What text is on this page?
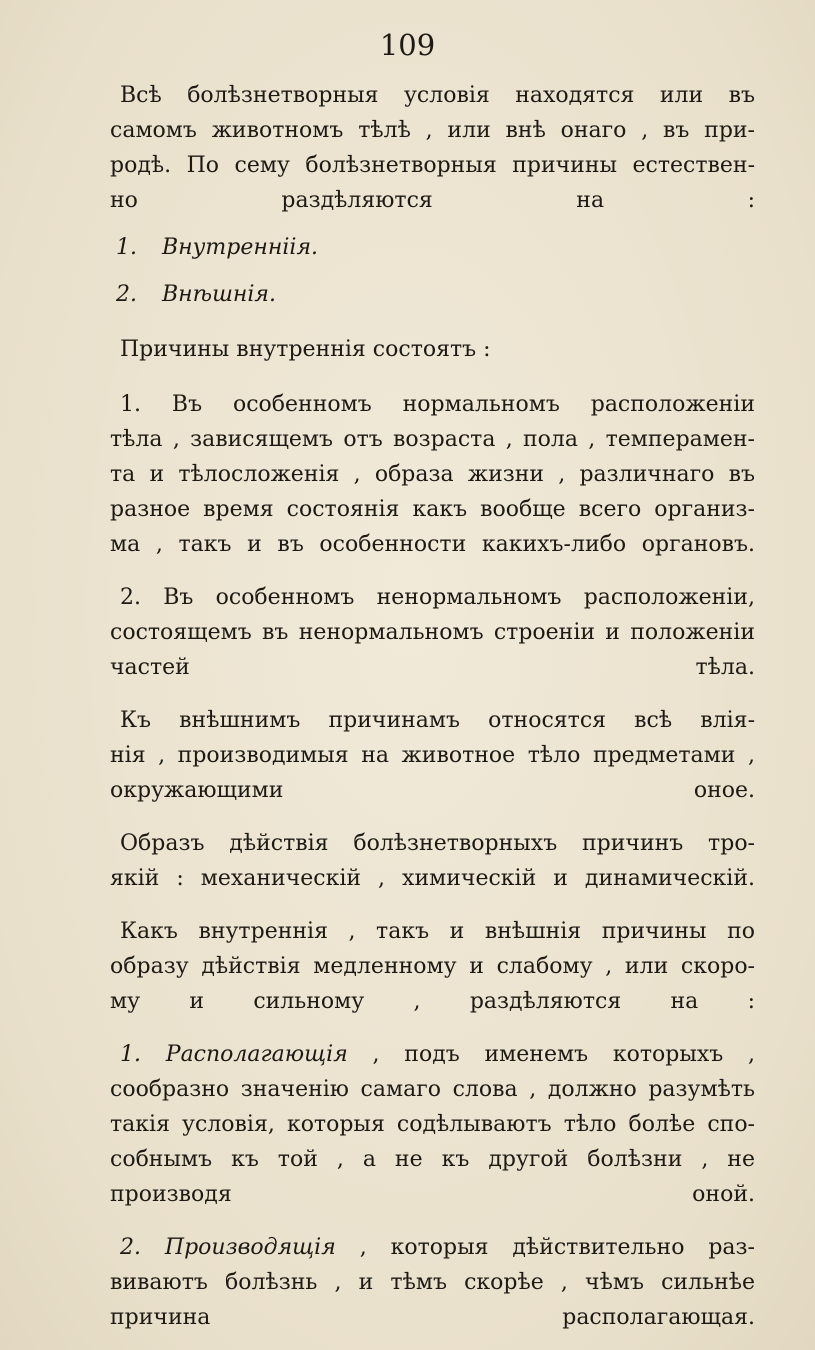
109
Всѣ болѣзнетворныя условія находятся или въ
самомъ животномъ тѣлѣ , или внѣ онаго , въ при-
родѣ. По сему болѣзнетворныя причины естествен-
но раздѣляются на :
1. Внутренніія.
2. Внѣшнія.
Причины внутреннія состоятъ :
1. Въ особенномъ нормальномъ расположеніи
тѣла , зависящемъ отъ возраста , пола , темперамен-
та и тѣлосложенія , образа жизни , различнаго въ
разное время состоянія какъ вообще всего организ-
ма , такъ и въ особенности какихъ-либо органовъ.
2. Въ особенномъ ненормальномъ расположеніи,
состоящемъ въ ненормальномъ строеніи и положеніи
частей тѣла.
Къ внѣшнимъ причинамъ относятся всѣ влія-
нія , производимыя на животное тѣло предметами ,
окружающими оное.
Образъ дѣйствія болѣзнетворныхъ причинъ тро-
якій : механическій , химическій и динамическій.
Какъ внутреннія , такъ и внѣшнія причины по
образу дѣйствія медленному и слабому , или скоро-
му и сильному , раздѣляются на :
1. Располагающія , подъ именемъ которыхъ ,
сообразно значенію самаго слова , должно разумѣть
такія условія, которыя содѣлываютъ тѣло болѣе спо-
собнымъ къ той , а не къ другой болѣзни , не
производя оной.
2. Производящія , которыя дѣйствительно раз-
виваютъ болѣзнь , и тѣмъ скорѣе , чѣмъ сильнѣе
причина располагающая.
